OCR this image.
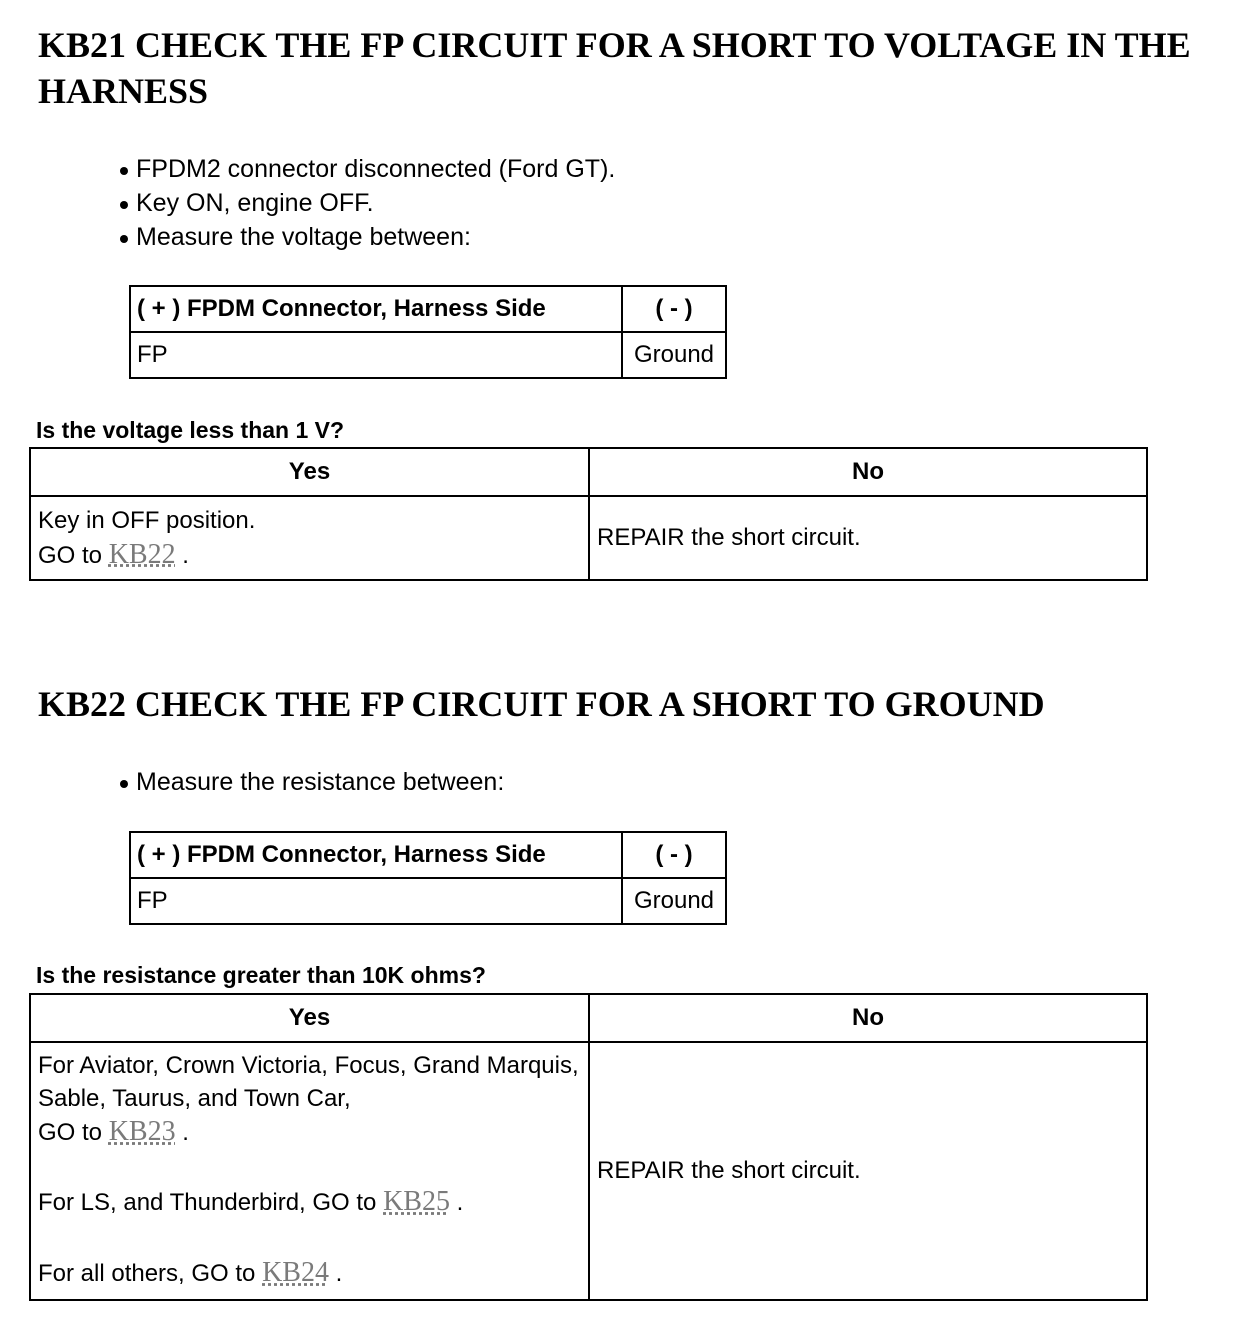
KB21 CHECK THE FP CIRCUIT FOR A SHORT TO VOLTAGE IN THE HARNESS
FPDM2 connector disconnected (Ford GT).
Key ON, engine OFF.
Measure the voltage between:
( + ) FPDM Connector, Harness Side	( - )
FP	Ground

Is the voltage less than 1 V?

Yes	No

Key in OFF position.

GO to KB22 .	REPAIR the short circuit.
KB22 CHECK THE FP CIRCUIT FOR A SHORT TO GROUND
Measure the resistance between:
( + ) FPDM Connector, Harness Side	( - )
FP	Ground

Is the resistance greater than 10K ohms?

Yes	No

For Aviator, Crown Victoria, Focus, Grand Marquis, Sable, Taurus, and Town Car,
GO to KB23 .

For LS, and Thunderbird, GO to KB25 .

For all others, GO to KB24 .	REPAIR the short circuit.
